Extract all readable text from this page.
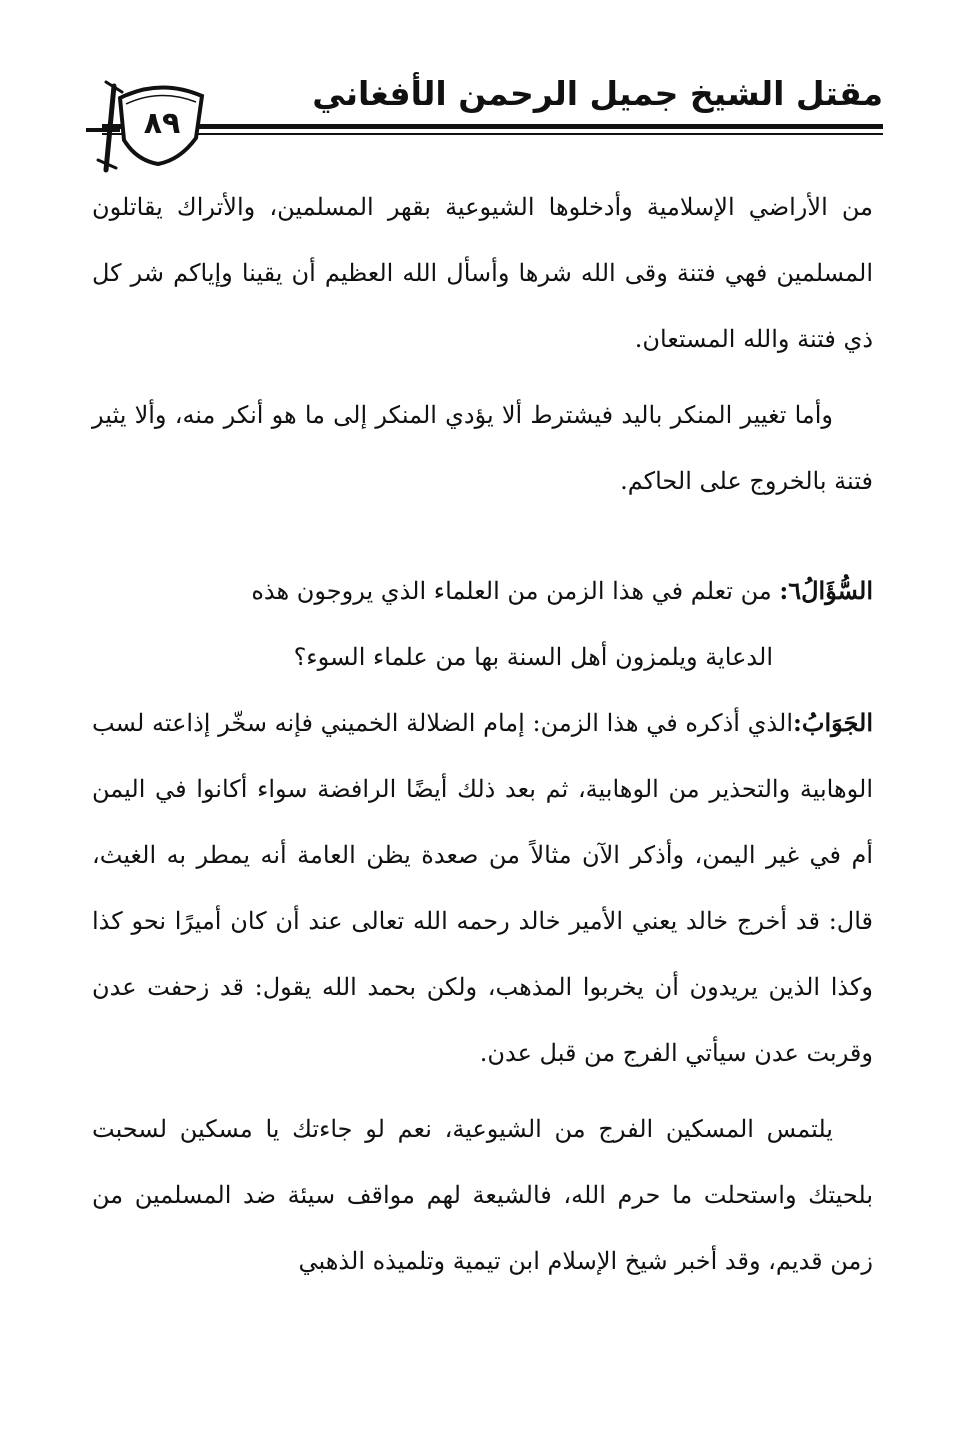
مقتل الشيخ جميل الرحمن الأفغاني
٨٩

من الأراضي الإسلامية وأدخلوها الشيوعية بقهر المسلمين، والأتراك يقاتلون المسلمين فهي فتنة وقى الله شرها وأسأل الله العظيم أن يقينا وإياكم شر كل ذي فتنة والله المستعان.

وأما تغيير المنكر باليد فيشترط ألا يؤدي المنكر إلى ما هو أنكر منه، وألا يثير فتنة بالخروج على الحاكم.

السُّؤَالُ٦: من تعلم في هذا الزمن من العلماء الذي يروجون هذه

الدعاية ويلمزون أهل السنة بها من علماء السوء؟

الجَوَابُ:الذي أذكره في هذا الزمن: إمام الضلالة الخميني فإنه سخّر إذاعته لسب الوهابية والتحذير من الوهابية، ثم بعد ذلك أيضًا الرافضة سواء أكانوا في اليمن أم في غير اليمن، وأذكر الآن مثالاً من صعدة يظن العامة أنه يمطر به الغيث، قال: قد أخرج خالد يعني الأمير خالد رحمه الله تعالى عند أن كان أميرًا نحو كذا وكذا الذين يريدون أن يخربوا المذهب، ولكن بحمد الله يقول: قد زحفت عدن وقربت عدن سيأتي الفرج من قبل عدن.

يلتمس المسكين الفرج من الشيوعية، نعم لو جاءتك يا مسكين لسحبت بلحيتك واستحلت ما حرم الله، فالشيعة لهم مواقف سيئة ضد المسلمين من زمن قديم، وقد أخبر شيخ الإسلام ابن تيمية وتلميذه الذهبي
